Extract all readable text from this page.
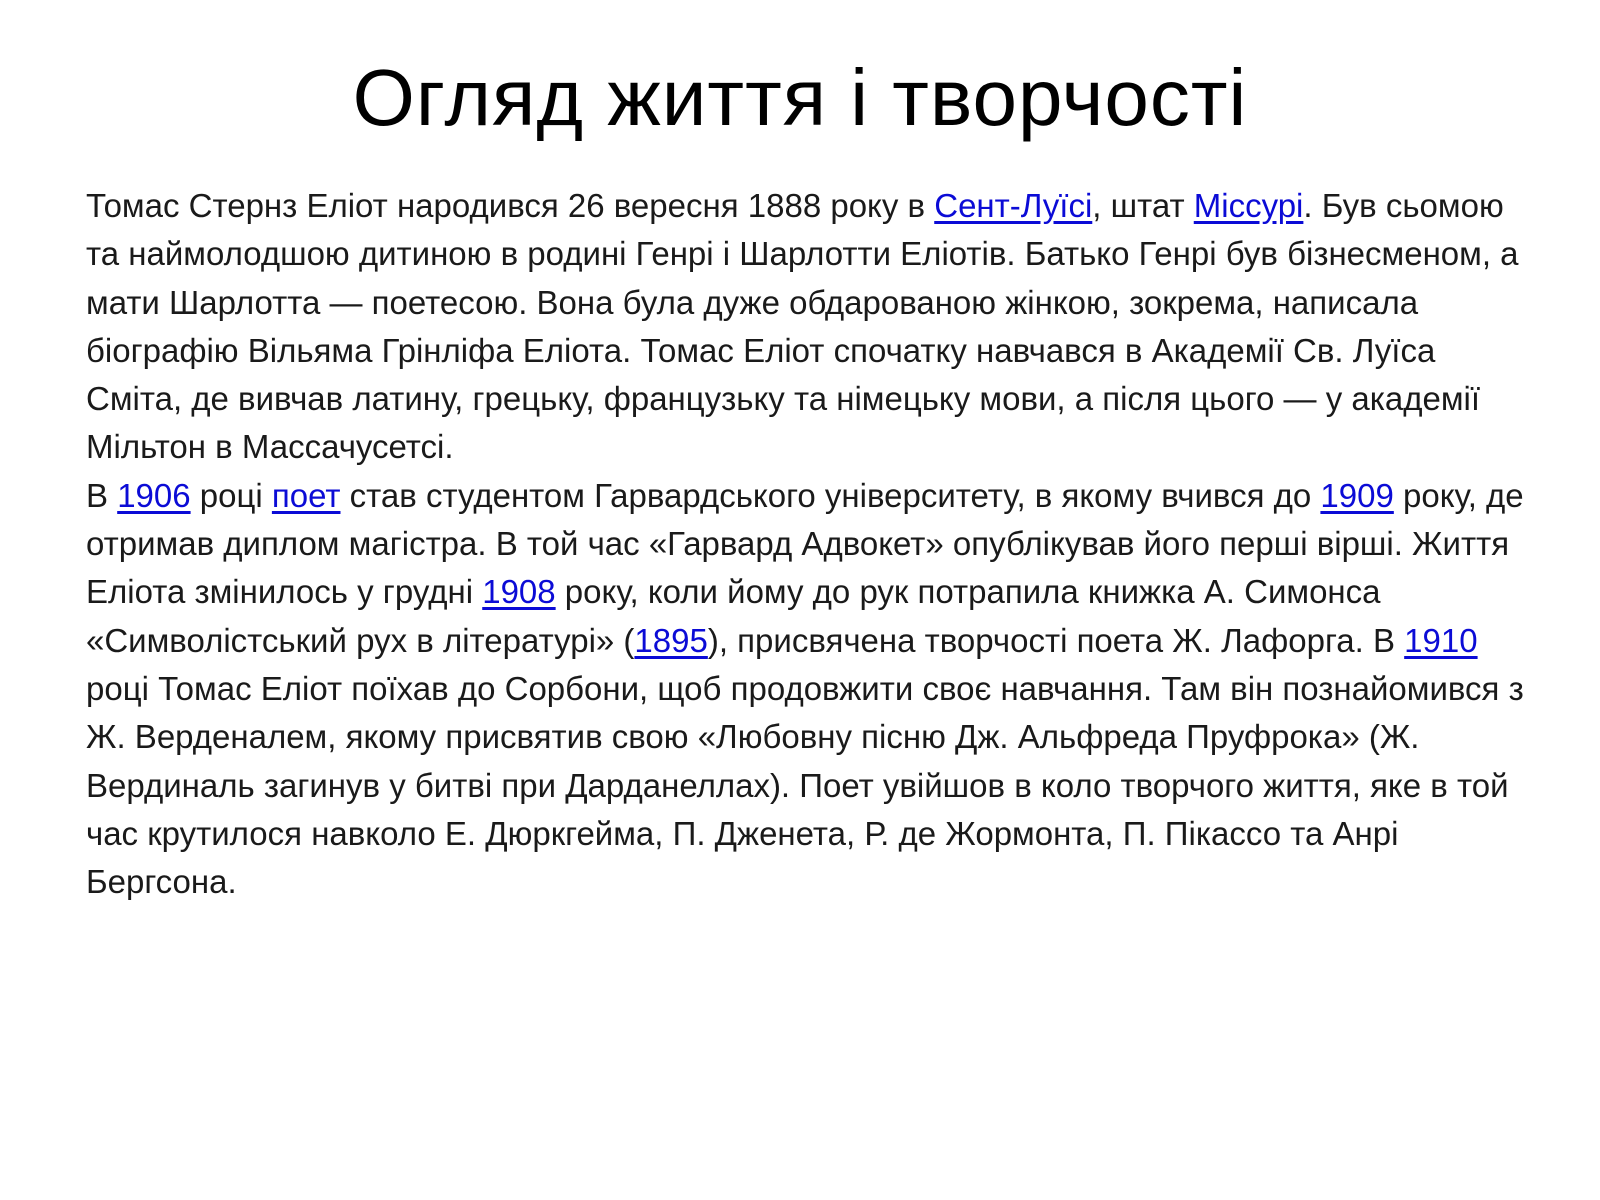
Огляд життя і творчості

Томас Стернз Еліот народився 26 вересня 1888 року в Сент-Луїсі, штат Міссурі. Був сьомою та наймолодшою дитиною в родині Генрі і Шарлотти Еліотів. Батько Генрі був бізнесменом, а мати Шарлотта — поетесою. Вона була дуже обдарованою жінкою, зокрема, написала біографію Вільяма Грінліфа Еліота. Томас Еліот спочатку навчався в Академії Св. Луїса Сміта, де вивчав латину, грецьку, французьку та німецьку мови, а після цього — у академії Мільтон в Массачусетсі.

В 1906 році поет став студентом Гарвардського університету, в якому вчився до 1909 року, де отримав диплом магістра. В той час «Гарвард Адвокет» опублікував його перші вірші. Життя Еліота змінилось у грудні 1908 року, коли йому до рук потрапила книжка А. Симонса «Символістський рух в літературі» (1895), присвячена творчості поета Ж. Лафорга. В 1910 році Томас Еліот поїхав до Сорбони, щоб продовжити своє навчання. Там він познайомився з Ж. Верденалем, якому присвятив свою «Любовну пісню Дж. Альфреда Пруфрока» (Ж. Вердиналь загинув у битві при Дарданеллах). Поет увійшов в коло творчого життя, яке в той час крутилося навколо Е. Дюркгейма, П. Дженета, Р. де Жормонта, П. Пікассо та Анрі Бергсона.
